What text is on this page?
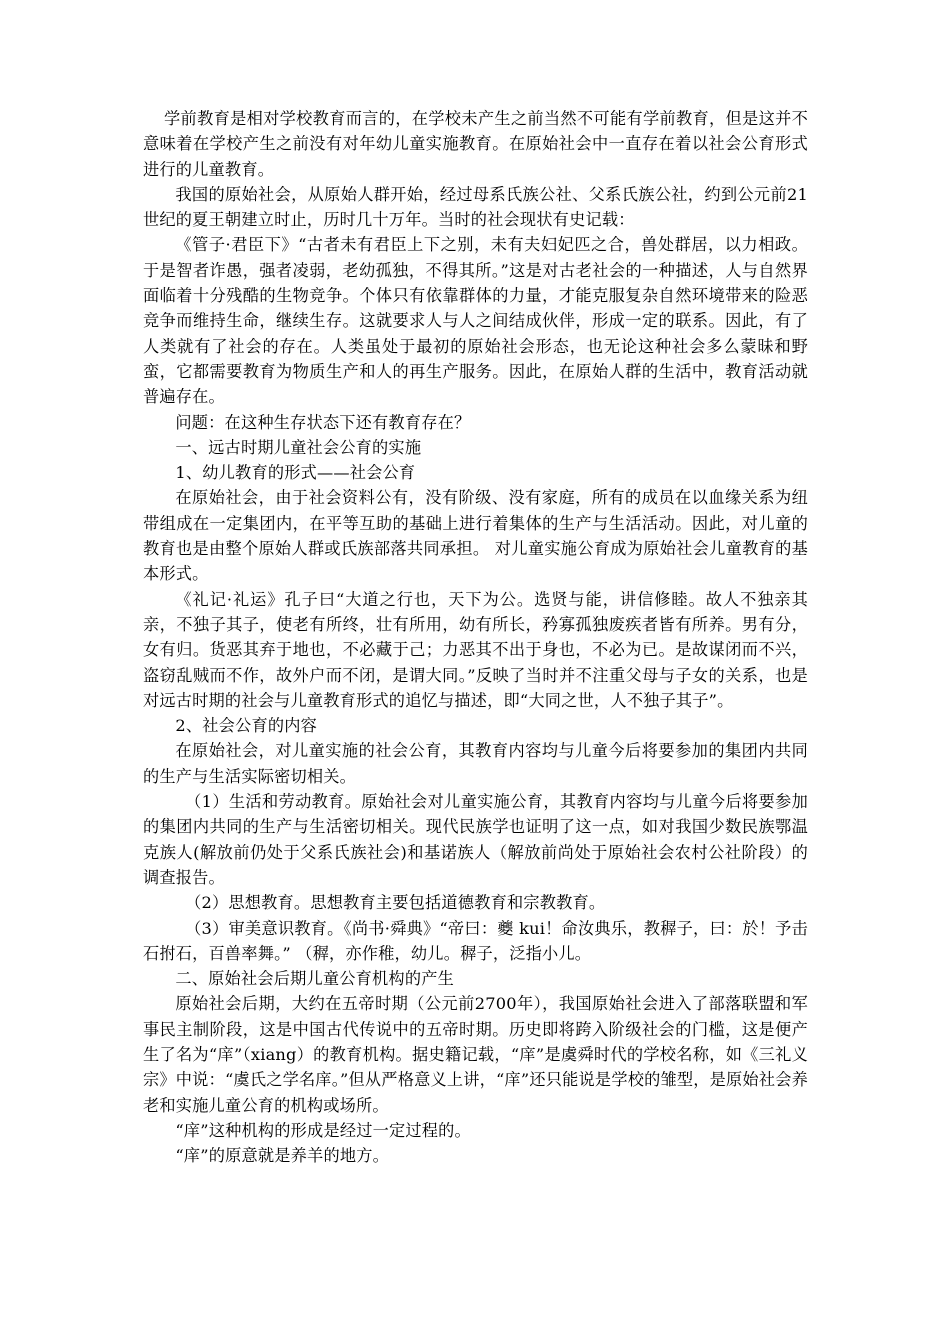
学前教育是相对学校教育而言的，在学校未产生之前当然不可能有学前教育，但是这并不意味着在学校产生之前没有对年幼儿童实施教育。在原始社会中一直存在着以社会公育形式进行的儿童教育。

我国的原始社会，从原始人群开始，经过母系氏族公社、父系氏族公社，约到公元前21世纪的夏王朝建立时止，历时几十万年。当时的社会现状有史记载：

《管子·君臣下》“古者未有君臣上下之别，未有夫妇妃匹之合，兽处群居，以力相政。于是智者诈愚，强者凌弱，老幼孤独，不得其所。”这是对古老社会的一种描述，人与自然界面临着十分残酷的生物竞争。个体只有依靠群体的力量，才能克服复杂自然环境带来的险恶竞争而维持生命，继续生存。这就要求人与人之间结成伙伴，形成一定的联系。因此，有了人类就有了社会的存在。人类虽处于最初的原始社会形态，也无论这种社会多么蒙昧和野蛮，它都需要教育为物质生产和人的再生产服务。因此，在原始人群的生活中，教育活动就普遍存在。

问题：在这种生存状态下还有教育存在？

一、远古时期儿童社会公育的实施

1、幼儿教育的形式——社会公育

在原始社会，由于社会资料公有，没有阶级、没有家庭，所有的成员在以血缘关系为纽带组成在一定集团内，在平等互助的基础上进行着集体的生产与生活活动。因此，对儿童的教育也是由整个原始人群或氏族部落共同承担。 对儿童实施公育成为原始社会儿童教育的基本形式。

《礼记·礼运》孔子曰“大道之行也，天下为公。选贤与能，讲信修睦。故人不独亲其亲，不独子其子，使老有所终，壮有所用，幼有所长，矜寡孤独废疾者皆有所养。男有分，女有归。货恶其弃于地也，不必藏于己；力恶其不出于身也，不必为已。是故谋闭而不兴，盗窃乱贼而不作，故外户而不闭，是谓大同。”反映了当时并不注重父母与子女的关系，也是对远古时期的社会与儿童教育形式的追忆与描述，即“大同之世，人不独子其子”。

2、社会公育的内容

在原始社会，对儿童实施的社会公育，其教育内容均与儿童今后将要参加的集团内共同的生产与生活实际密切相关。

（1）生活和劳动教育。原始社会对儿童实施公育，其教育内容均与儿童今后将要参加的集团内共同的生产与生活密切相关。现代民族学也证明了这一点，如对我国少数民族鄂温克族人(解放前仍处于父系氏族社会)和基诺族人（解放前尚处于原始社会农村公社阶段）的调查报告。

（2）思想教育。思想教育主要包括道德教育和宗教教育。

（3）审美意识教育。《尚书·舜典》“帝曰：夔 kui！命汝典乐，教稺子，曰：於！予击石拊石，百兽率舞。” （稺，亦作稚，幼儿。稺子，泛指小儿。

二、原始社会后期儿童公育机构的产生

原始社会后期，大约在五帝时期（公元前2700年），我国原始社会进入了部落联盟和军事民主制阶段，这是中国古代传说中的五帝时期。历史即将跨入阶级社会的门槛，这是便产生了名为“庠”（xiang）的教育机构。据史籍记载，“庠”是虞舜时代的学校名称，如《三礼义宗》中说：“虞氏之学名庠。”但从严格意义上讲，“庠”还只能说是学校的雏型，是原始社会养老和实施儿童公育的机构或场所。

“庠”这种机构的形成是经过一定过程的。

“庠”的原意就是养羊的地方。
